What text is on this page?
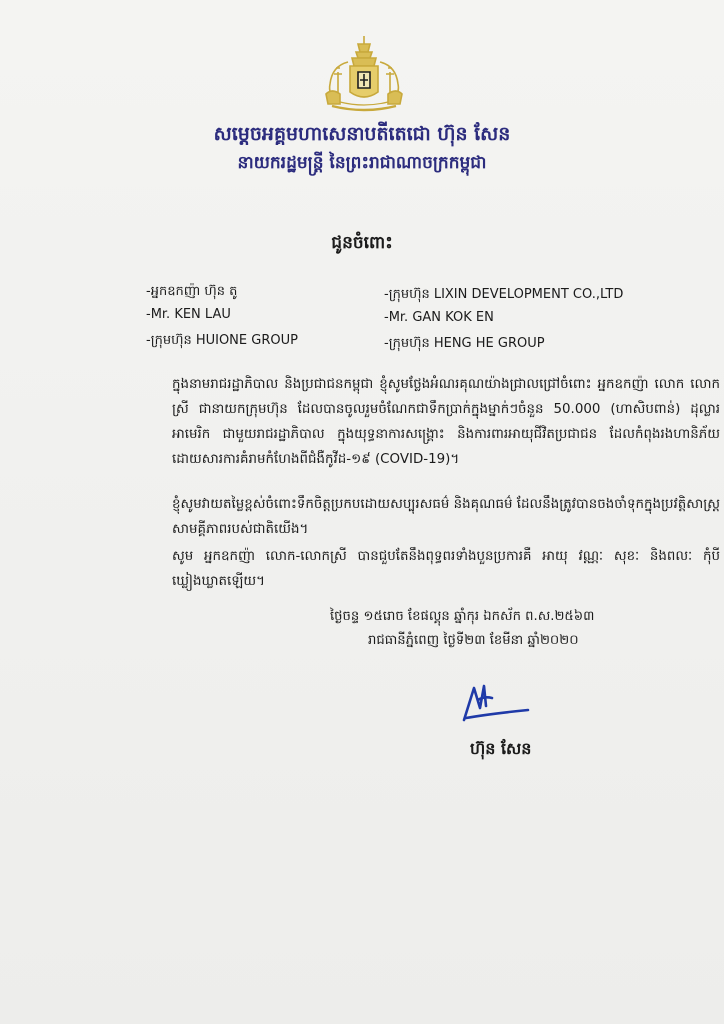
សម្ដេចអគ្គមហាសេនាបតីតេជោ ហ៊ុន សែន
នាយករដ្ឋមន្ត្រី នៃព្រះរាជាណាចក្រកម្ពុជា
ជូនចំពោះ
-អ្នកឧកញ៉ា ហ៊ុន តូ
-Mr. KEN LAU
-ក្រុមហ៊ុន HUIONE GROUP
-ក្រុមហ៊ុន LIXIN DEVELOPMENT CO.,LTD
-Mr. GAN KOK EN
-ក្រុមហ៊ុន HENG HE GROUP
ក្នុងនាមរាជរដ្ឋាភិបាល និងប្រជាជនកម្ពុជា ខ្ញុំសូមថ្លែងអំណរគុណយ៉ាងជ្រាលជ្រៅចំពោះ អ្នកឧកញ៉ា លោក លោកស្រី ជានាយកក្រុមហ៊ុន ដែលបានចូលរួមចំណែកជាទឹកប្រាក់ក្នុងម្នាក់ៗចំនួន 50.000 (ហាសិបពាន់) ដុល្លារអាមេរិក ជាមួយរាជរដ្ឋាភិបាល ក្នុងយុទ្ធនាការសង្គ្រោះ និងការពារអាយុជីវិតប្រជាជន ដែលកំពុងរងហានិភ័យដោយសារការគំរាមកំហែងពីជំងឺកូវីដ-១៩ (COVID-19)។
ខ្ញុំសូមវាយតម្លៃខ្ពស់ចំពោះទឹកចិត្តប្រកបដោយសប្បុរសធម៌ និងគុណធម៌ ដែលនឹងត្រូវបានចងចាំទុកក្នុងប្រវត្តិសាស្ត្រសាមគ្គីភាពរបស់ជាតិយើង។
សូម អ្នកឧកញ៉ា លោក-លោកស្រី បានជួបតែនឹងពុទ្ធពរទាំងបួនប្រការគឺ អាយុ វណ្ណៈ សុខៈ និងពលៈ កុំបីឃ្លៀងឃ្លាតឡើយ។
ថ្ងៃចន្ទ ១៥រោច ខែផល្គុន ឆ្នាំកុរ ឯកស័ក ព.ស.២៥៦៣
រាជធានីភ្នំពេញ ថ្ងៃទី២៣ ខែមីនា ឆ្នាំ២០២០
ហ៊ុន សែន
